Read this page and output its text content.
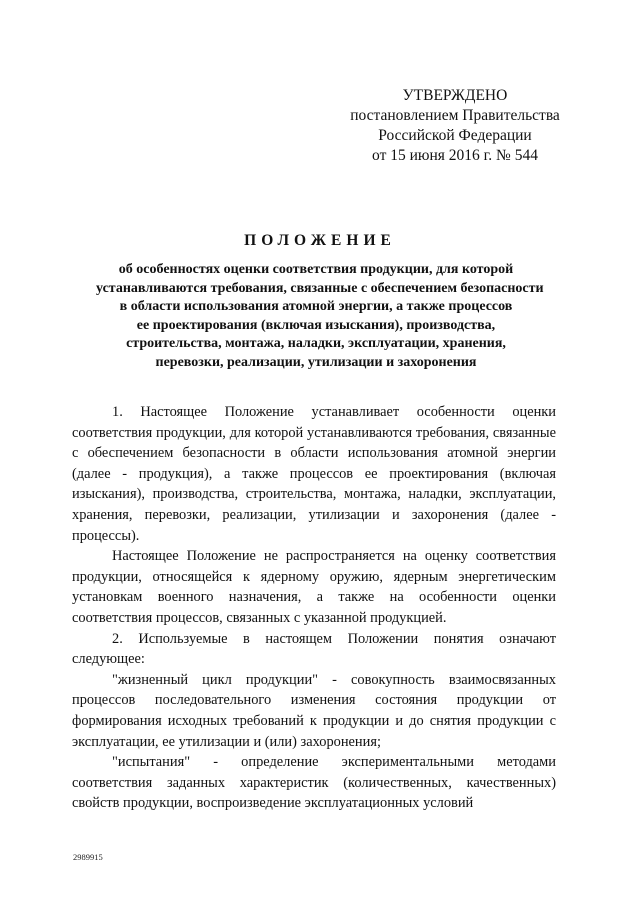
УТВЕРЖДЕНО
постановлением Правительства
Российской Федерации
от 15 июня 2016 г. № 544
ПОЛОЖЕНИЕ
об особенностях оценки соответствия продукции, для которой
устанавливаются требования, связанные с обеспечением безопасности
в области использования атомной энергии, а также процессов
ее проектирования (включая изыскания), производства,
строительства, монтажа, наладки, эксплуатации, хранения,
перевозки, реализации, утилизации и захоронения

1. Настоящее Положение устанавливает особенности оценки соответствия продукции, для которой устанавливаются требования, связанные с обеспечением безопасности в области использования атомной энергии (далее - продукция), а также процессов ее проектирования (включая изыскания), производства, строительства, монтажа, наладки, эксплуатации, хранения, перевозки, реализации, утилизации и захоронения (далее - процессы).

Настоящее Положение не распространяется на оценку соответствия продукции, относящейся к ядерному оружию, ядерным энергетическим установкам военного назначения, а также на особенности оценки соответствия процессов, связанных с указанной продукцией.

2. Используемые в настоящем Положении понятия означают следующее:

"жизненный цикл продукции" - совокупность взаимосвязанных процессов последовательного изменения состояния продукции от формирования исходных требований к продукции и до снятия продукции с эксплуатации, ее утилизации и (или) захоронения;

"испытания" - определение экспериментальными методами соответствия заданных характеристик (количественных, качественных) свойств продукции, воспроизведение эксплуатационных условий

2989915
